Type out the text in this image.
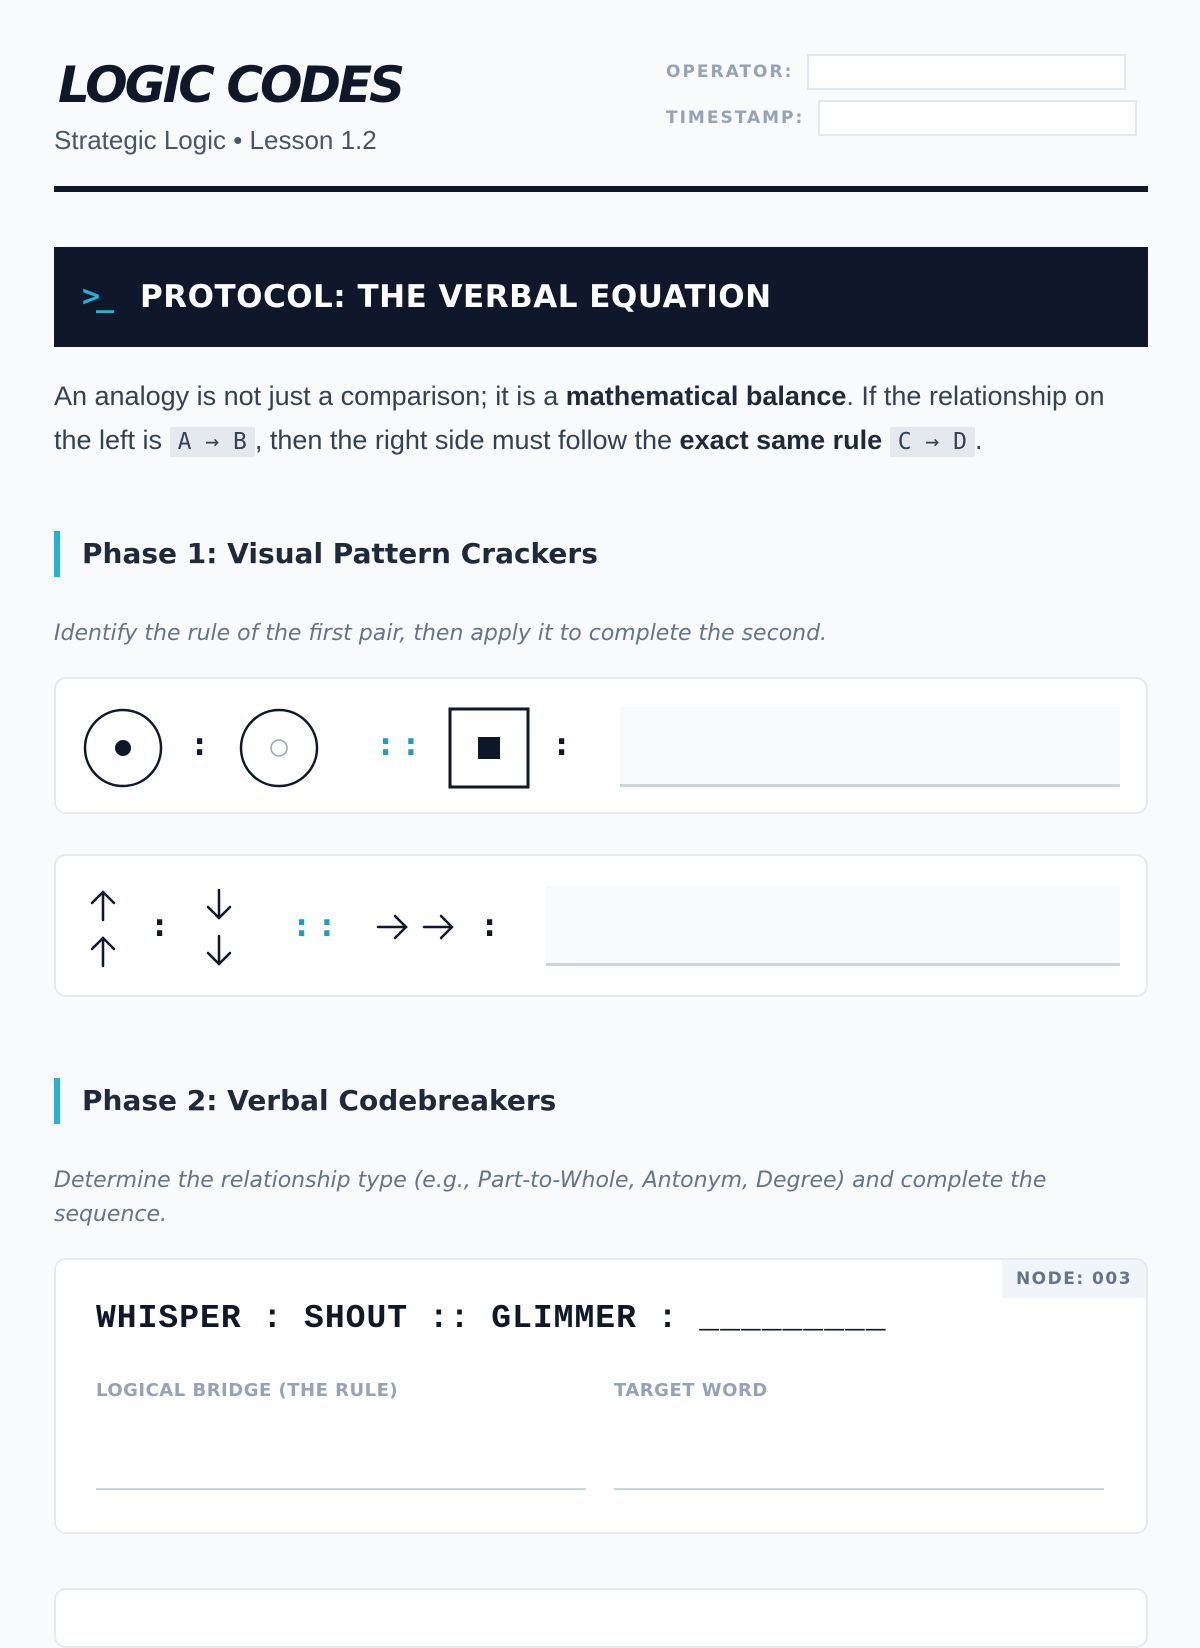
LOGIC CODES
Strategic Logic • Lesson 1.2
OPERATOR:
TIMESTAMP:
>_ PROTOCOL: THE VERBAL EQUATION
An analogy is not just a comparison; it is a mathematical balance. If the relationship on the left is A → B , then the right side must follow the exact same rule C → D .
Phase 1: Visual Pattern Crackers
Identify the rule of the first pair, then apply it to complete the second.
:	::	:
:	::	:
Phase 2: Verbal Codebreakers
Determine the relationship type (e.g., Part-to-Whole, Antonym, Degree) and complete the sequence.
NODE: 003
WHISPER : SHOUT :: GLIMMER : _________
LOGICAL BRIDGE (THE RULE)	TARGET WORD
